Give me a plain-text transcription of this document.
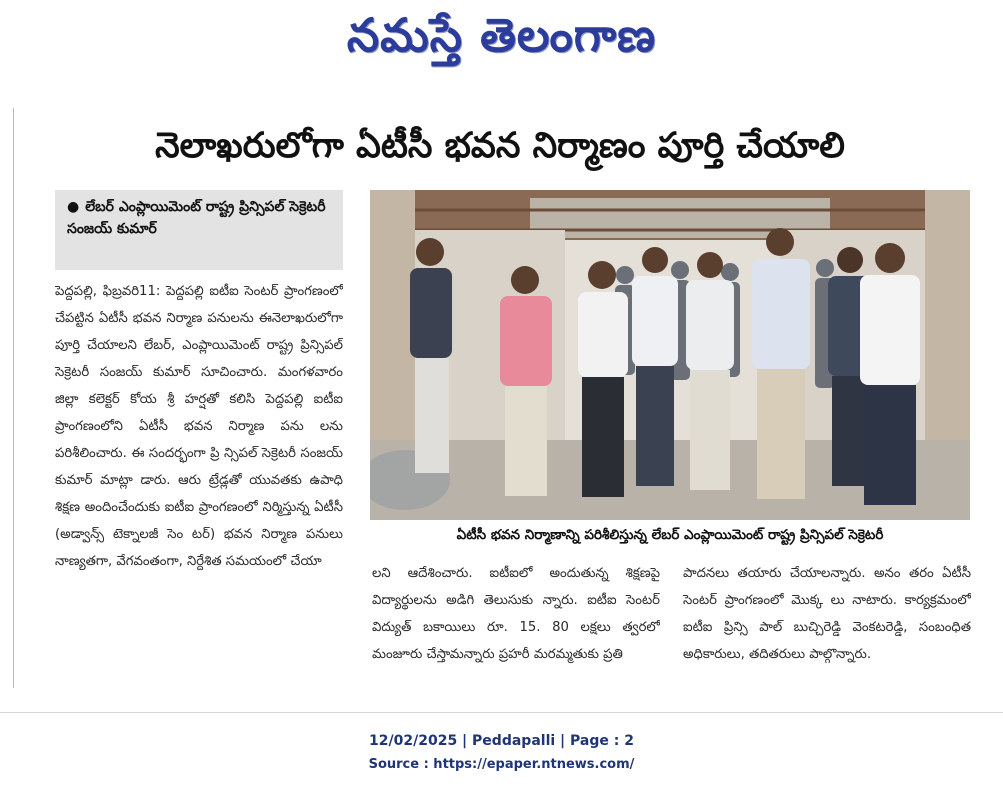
నమస్తే తెలంగాణ
నెలాఖరులోగా ఏటీసీ భవన నిర్మాణం పూర్తి చేయాలి
● లేబర్ ఎంప్లాయిమెంట్ రాష్ట్ర ప్రిన్సిపల్ సెక్రెటరీ సంజయ్ కుమార్

పెద్దపల్లి, ఫిబ్రవరి11: పెద్దపల్లి ఐటీఐ సెంటర్ ప్రాంగణంలో చేపట్టిన ఏటీసీ భవన నిర్మాణ పనులను ఈనెలాఖరులోగా పూర్తి చేయాలని లేబర్, ఎంప్లాయిమెంట్ రాష్ట్ర ప్రిన్సిపల్ సెక్రెటరీ సంజయ్ కుమార్ సూచించారు. మంగళవారం జిల్లా కలెక్టర్ కోయ శ్రీ హర్షతో కలిసి పెద్దపల్లి ఐటీఐ ప్రాంగణంలోని ఏటీసీ భవన నిర్మాణ పను లను పరిశీలించారు. ఈ సందర్భంగా ప్రి న్సిపల్ సెక్రెటరీ సంజయ్ కుమార్ మాట్లా డారు. ఆరు ట్రేడ్లతో యువతకు ఉపాధి శిక్షణ అందించేందుకు ఐటీఐ ప్రాంగణంలో నిర్మిస్తున్న ఏటీసీ (అడ్వాన్స్ టెక్నాలజీ సెం టర్) భవన నిర్మాణ పనులు నాణ్యతగా, వేగవంతంగా, నిర్దేశిత సమయంలో చేయా

ఏటీసీ భవన నిర్మాణాన్ని పరిశీలిస్తున్న లేబర్ ఎంప్లాయిమెంట్ రాష్ట్ర ప్రిన్సిపల్ సెక్రెటరీ

లని ఆదేశించారు. ఐటీఐలో అందుతున్న శిక్షణపై విద్యార్థులను అడిగి తెలుసుకు న్నారు. ఐటీఐ సెంటర్ విద్యుత్ బకాయిలు రూ. 15. 80 లక్షలు త్వరలో మంజూరు చేస్తామన్నారు ప్రహరీ మరమ్మతుకు ప్రతి

పాదనలు తయారు చేయాలన్నారు. అనం తరం ఏటీసీ సెంటర్ ప్రాంగణంలో మొక్క లు నాటారు. కార్యక్రమంలో ఐటీఐ ప్రిన్సి పాల్ బుచ్చిరెడ్డి వెంకటరెడ్డి, సంబంధిత అధికారులు, తదితరులు పాల్గొన్నారు.

12/02/2025 | Peddapalli | Page : 2
Source : https://epaper.ntnews.com/
